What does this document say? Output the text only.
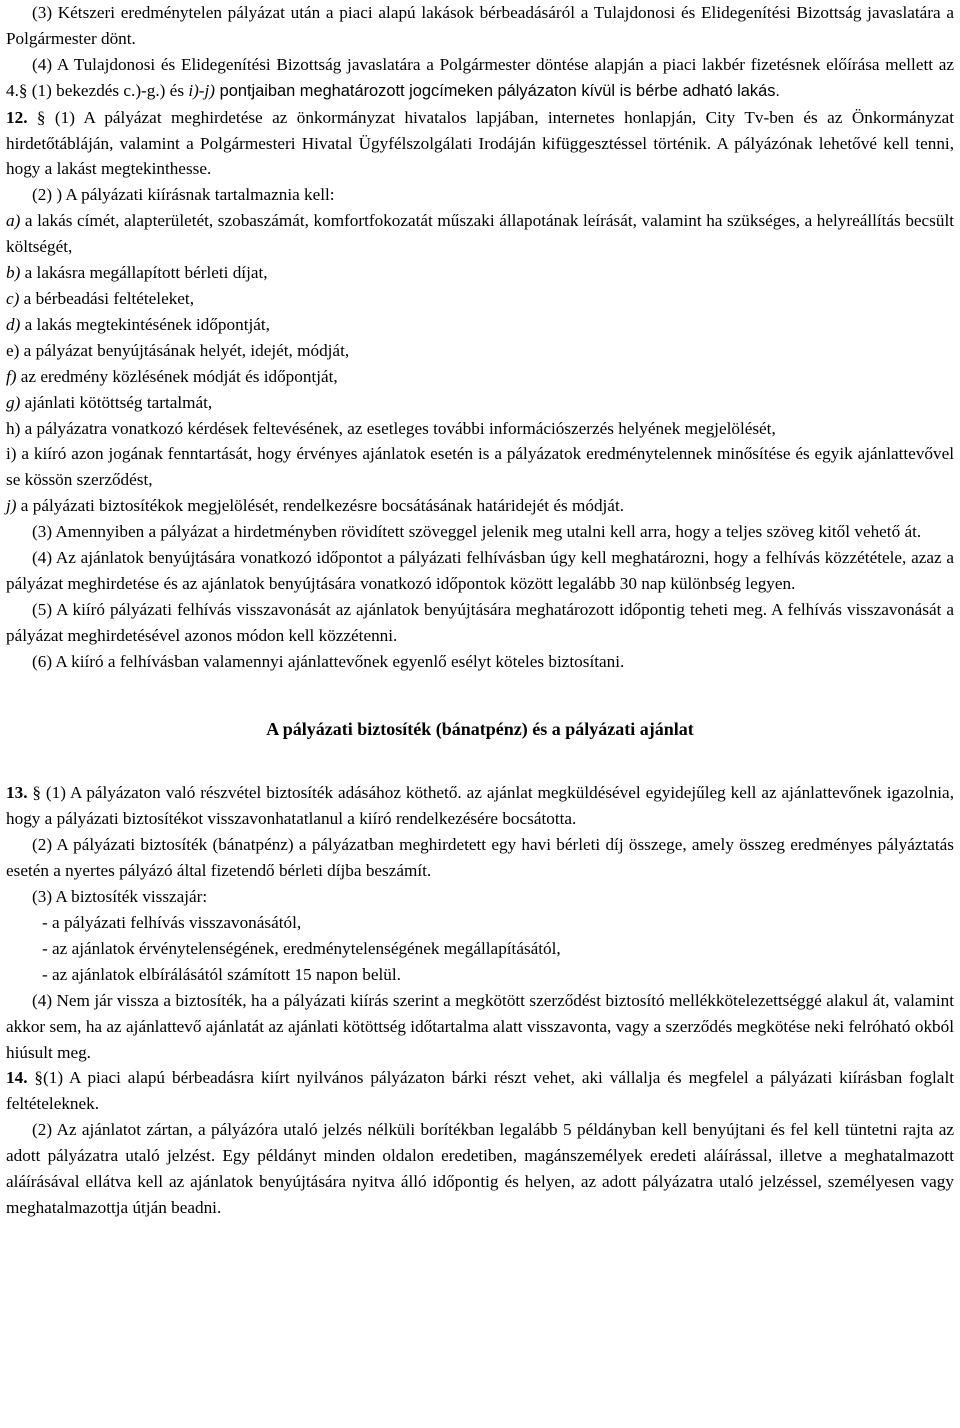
(3) Kétszeri eredménytelen pályázat után a piaci alapú lakások bérbeadásáról a Tulajdonosi és Elidegenítési Bizottság javaslatára a Polgármester dönt.

(4) A Tulajdonosi és Elidegenítési Bizottság javaslatára a Polgármester döntése alapján a piaci lakbér fizetésnek előírása mellett az 4.§ (1) bekezdés c.)-g.) és i)-j) pontjaiban meghatározott jogcímeken pályázaton kívül is bérbe adható lakás.

12. § (1) A pályázat meghirdetése az önkormányzat hivatalos lapjában, internetes honlapján, City Tv-ben és az Önkormányzat hirdetőtábláján, valamint a Polgármesteri Hivatal Ügyfélszolgálati Irodáján kifüggesztéssel történik. A pályázónak lehetővé kell tenni, hogy a lakást megtekinthesse.

(2) ) A pályázati kiírásnak tartalmaznia kell:

a) a lakás címét, alapterületét, szobaszámát, komfortfokozatát műszaki állapotának leírását, valamint ha szükséges, a helyreállítás becsült költségét,

b) a lakásra megállapított bérleti díjat,

c) a bérbeadási feltételeket,

d) a lakás megtekintésének időpontját,

e) a pályázat benyújtásának helyét, idejét, módját,

f) az eredmény közlésének módját és időpontját,

g) ajánlati kötöttség tartalmát,

h) a pályázatra vonatkozó kérdések feltevésének, az esetleges további információszerzés helyének megjelölését,

i) a kiíró azon jogának fenntartását, hogy érvényes ajánlatok esetén is a pályázatok eredménytelennek minősítése és egyik ajánlattevővel se kössön szerződést,

j) a pályázati biztosítékok megjelölését, rendelkezésre bocsátásának határidejét és módját.

(3) Amennyiben a pályázat a hirdetményben rövidített szöveggel jelenik meg utalni kell arra, hogy a teljes szöveg kitől vehető át.

(4) Az ajánlatok benyújtására vonatkozó időpontot a pályázati felhívásban úgy kell meghatározni, hogy a felhívás közzététele, azaz a pályázat meghirdetése és az ajánlatok benyújtására vonatkozó időpontok között legalább 30 nap különbség legyen.

(5) A kiíró pályázati felhívás visszavonását az ajánlatok benyújtására meghatározott időpontig teheti meg. A felhívás visszavonását a pályázat meghirdetésével azonos módon kell közzétenni.

(6) A kiíró a felhívásban valamennyi ajánlattevőnek egyenlő esélyt köteles biztosítani.

A pályázati biztosíték (bánatpénz) és a pályázati ajánlat

13. § (1) A pályázaton való részvétel biztosíték adásához köthető. az ajánlat megküldésével egyidejűleg kell az ajánlattevőnek igazolnia, hogy a pályázati biztosítékot visszavonhatatlanul a kiíró rendelkezésére bocsátotta.

(2) A pályázati biztosíték (bánatpénz) a pályázatban meghirdetett egy havi bérleti díj összege, amely összeg eredményes pályáztatás esetén a nyertes pályázó által fizetendő bérleti díjba beszámít.

(3) A biztosíték visszajár:

- a pályázati felhívás visszavonásától,

- az ajánlatok érvénytelenségének, eredménytelenségének megállapításától,

- az ajánlatok elbírálásától számított 15 napon belül.

(4) Nem jár vissza a biztosíték, ha a pályázati kiírás szerint a megkötött szerződést biztosító mellékkötelezettséggé alakul át, valamint akkor sem, ha az ajánlattevő ajánlatát az ajánlati kötöttség időtartalma alatt visszavonta, vagy a szerződés megkötése neki felróható okból hiúsult meg.

14. §(1) A piaci alapú bérbeadásra kiírt nyilvános pályázaton bárki részt vehet, aki vállalja és megfelel a pályázati kiírásban foglalt feltételeknek.

(2) Az ajánlatot zártan, a pályázóra utaló jelzés nélküli borítékban legalább 5 példányban kell benyújtani és fel kell tüntetni rajta az adott pályázatra utaló jelzést. Egy példányt minden oldalon eredetiben, magánszemélyek eredeti aláírással, illetve a meghatalmazott aláírásával ellátva kell az ajánlatok benyújtására nyitva álló időpontig és helyen, az adott pályázatra utaló jelzéssel, személyesen vagy meghatalmazottja útján beadni.
